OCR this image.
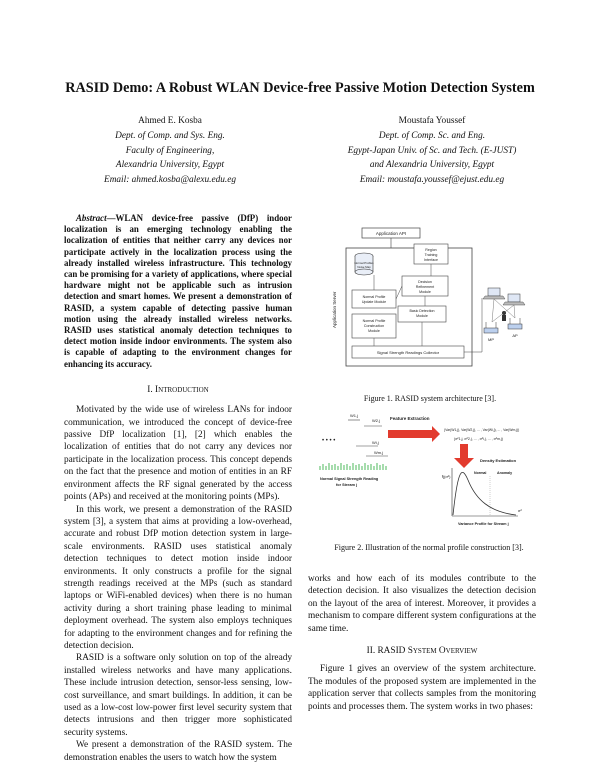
RASID Demo: A Robust WLAN Device-free Passive Motion Detection System
Ahmed E. Kosba
Dept. of Comp. and Sys. Eng.
Faculty of Engineering,
Alexandria University, Egypt
Email: ahmed.kosba@alexu.edu.eg
Moustafa Youssef
Dept. of Comp. Sc. and Eng.
Egypt-Japan Univ. of Sc. and Tech. (E-JUST)
and Alexandria University, Egypt
Email: moustafa.youssef@ejust.edu.eg

Abstract—WLAN device-free passive (DfP) indoor localization is an emerging technology enabling the localization of entities that neither carry any devices nor participate actively in the localization process using the already installed wireless infrastructure. This technology can be promising for a variety of applications, where special hardware might not be applicable such as intrusion detection and smart homes. We present a demonstration of RASID, a system capable of detecting passive human motion using the already installed wireless networks. RASID uses statistical anomaly detection techniques to detect motion inside indoor environments. The system also is capable of adapting to the environment changes for enhancing its accuracy.

I. Introduction

Motivated by the wide use of wireless LANs for indoor communication, we introduced the concept of device-free passive DfP localization [1], [2] which enables the localization of entities that do not carry any devices nor participate in the localization process. This concept depends on the fact that the presence and motion of entities in an RF environment affects the RF signal generated by the access points (APs) and received at the monitoring points (MPs).

In this work, we present a demonstration of the RASID system [3], a system that aims at providing a low-overhead, accurate and robust DfP motion detection system in large-scale environments. RASID uses statistical anomaly detection techniques to detect motion inside indoor environments. It only constructs a profile for the signal strength readings received at the MPs (such as standard laptops or WiFi-enabled devices) when there is no human activity during a short training phase leading to minimal deployment overhead. The system also employs techniques for adapting to the environment changes and for refining the detection decision.

RASID is a software only solution on top of the already installed wireless networks and have many applications. These include intrusion detection, sensor-less sensing, low-cost surveillance, and smart buildings. In addition, it can be used as a low-cost low-power first level security system that detects intrusions and then trigger more sophisticated security systems.

We present a demonstration of the RASID system. The demonstration enables the users to watch how the system

Application Server
Application API
Normal Profiles
Noise Map
Region
Training
Interface
Decision
Refinement
Module
Normal Profile
Update Module
Basic Detection
Module
Normal Profile
Construction
Module
Signal Strength Readings Collector
MP
AP
Figure 1. RASID system architecture [3].
W1,j
W2,j
• • • •	Wi,j
Wm,j
Feature Extraction
(Var(W1,j), Var(W2,j), ... , Var(Wi,j), ... , Var(Wm,j))
(σ²1,j, σ²2,j, ... , σ²i,j, ... , σ²m,j)
Normal Signal Strength Reading
for Stream j
Density Estimation
f̂j(σ²)
Normal	Anomaly
σ²
Variance Profile for Stream j
Figure 2. Illustration of the normal profile construction [3].

works and how each of its modules contribute to the detection decision. It also visualizes the detection decision on the layout of the area of interest. Moreover, it provides a mechanism to compare different system configurations at the same time.

II. RASID System Overview

Figure 1 gives an overview of the system architecture. The modules of the proposed system are implemented in the application server that collects samples from the monitoring points and processes them. The system works in two phases:
